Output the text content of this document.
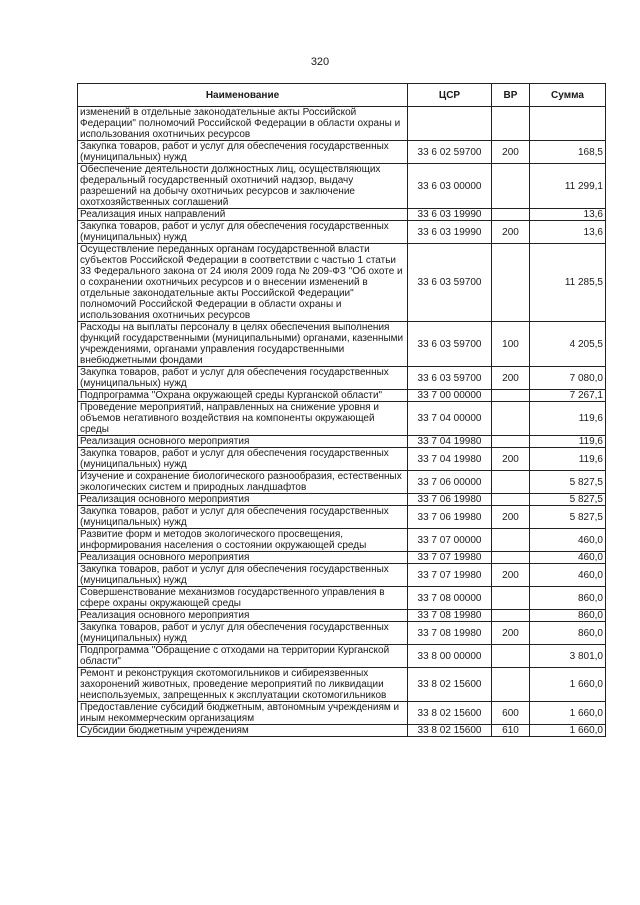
320
Наименование	ЦСР	ВР	Сумма
изменений в отдельные законодательные акты Российской Федерации" полномочий Российской Федерации в области охраны и использования охотничьих ресурсов			
Закупка товаров, работ и услуг для обеспечения государственных (муниципальных) нужд	33 6 02 59700	200	168,5
Обеспечение деятельности должностных лиц, осуществляющих федеральный государственный охотничий надзор, выдачу разрешений на добычу охотничьих ресурсов и заключение охотхозяйственных соглашений	33 6 03 00000		11 299,1
Реализация иных направлений	33 6 03 19990		13,6
Закупка товаров, работ и услуг для обеспечения государственных (муниципальных) нужд	33 6 03 19990	200	13,6
Осуществление переданных органам государственной власти субъектов Российской Федерации в соответствии с частью 1 статьи 33 Федерального закона от 24 июля 2009 года № 209-ФЗ "Об охоте и о сохранении охотничьих ресурсов и о внесении изменений в отдельные законодательные акты Российской Федерации" полномочий Российской Федерации в области охраны и использования охотничьих ресурсов	33 6 03 59700		11 285,5
Расходы на выплаты персоналу в целях обеспечения выполнения функций государственными (муниципальными) органами, казенными учреждениями, органами управления государственными внебюджетными фондами	33 6 03 59700	100	4 205,5
Закупка товаров, работ и услуг для обеспечения государственных (муниципальных) нужд	33 6 03 59700	200	7 080,0
Подпрограмма "Охрана окружающей среды Курганской области"	33 7 00 00000		7 267,1
Проведение мероприятий, направленных на снижение уровня и объемов негативного воздействия на компоненты окружающей среды	33 7 04 00000		119,6
Реализация основного мероприятия	33 7 04 19980		119,6
Закупка товаров, работ и услуг для обеспечения государственных (муниципальных) нужд	33 7 04 19980	200	119,6
Изучение и сохранение биологического разнообразия, естественных экологических систем и природных ландшафтов	33 7 06 00000		5 827,5
Реализация основного мероприятия	33 7 06 19980		5 827,5
Закупка товаров, работ и услуг для обеспечения государственных (муниципальных) нужд	33 7 06 19980	200	5 827,5
Развитие форм и методов экологического просвещения, информирования населения о состоянии окружающей среды	33 7 07 00000		460,0
Реализация основного мероприятия	33 7 07 19980		460,0
Закупка товаров, работ и услуг для обеспечения государственных (муниципальных) нужд	33 7 07 19980	200	460,0
Совершенствование механизмов государственного управления в сфере охраны окружающей среды	33 7 08 00000		860,0
Реализация основного мероприятия	33 7 08 19980		860,0
Закупка товаров, работ и услуг для обеспечения государственных (муниципальных) нужд	33 7 08 19980	200	860,0
Подпрограмма "Обращение с отходами на территории Курганской области"	33 8 00 00000		3 801,0
Ремонт и реконструкция скотомогильников и сибиреязвенных захоронений животных, проведение мероприятий по ликвидации неиспользуемых, запрещенных к эксплуатации скотомогильников	33 8 02 15600		1 660,0
Предоставление субсидий бюджетным, автономным учреждениям и иным некоммерческим организациям	33 8 02 15600	600	1 660,0
Субсидии бюджетным учреждениям	33 8 02 15600	610	1 660,0
